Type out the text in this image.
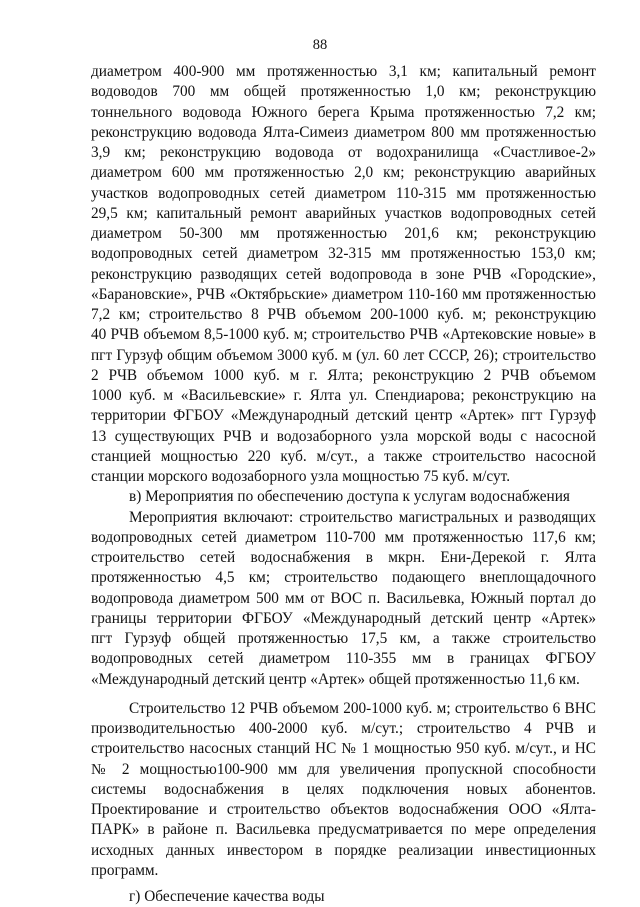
88
диаметром 400-900 мм протяженностью 3,1 км; капитальный ремонт
водоводов 700 мм общей протяженностью 1,0 км; реконструкцию
тоннельного водовода Южного берега Крыма протяженностью 7,2 км;
реконструкцию водовода Ялта-Симеиз диаметром 800 мм протяженностью
3,9 км; реконструкцию водовода от водохранилища «Счастливое-2»
диаметром 600 мм протяженностью 2,0 км; реконструкцию аварийных
участков водопроводных сетей диаметром 110-315 мм протяженностью
29,5 км; капитальный ремонт аварийных участков водопроводных сетей
диаметром 50-300 мм протяженностью 201,6 км; реконструкцию
водопроводных сетей диаметром 32-315 мм протяженностью 153,0 км;
реконструкцию разводящих сетей водопровода в зоне РЧВ «Городские»,
«Барановские», РЧВ «Октябрьские» диаметром 110-160 мм протяженностью
7,2 км; строительство 8 РЧВ объемом 200-1000 куб. м; реконструкцию
40 РЧВ объемом 8,5-1000 куб. м; строительство РЧВ «Артековские новые» в
пгт Гурзуф общим объемом 3000 куб. м (ул. 60 лет СССР, 26); строительство
2 РЧВ объемом 1000 куб. м г. Ялта; реконструкцию 2 РЧВ объемом
1000 куб. м «Васильевские» г. Ялта ул. Спендиарова; реконструкцию на
территории ФГБОУ «Международный детский центр «Артек» пгт Гурзуф
13 существующих РЧВ и водозаборного узла морской воды с насосной
станцией мощностью 220 куб. м/сут., а также строительство насосной
станции морского водозаборного узла мощностью 75 куб. м/сут.
в) Мероприятия по обеспечению доступа к услугам водоснабжения
Мероприятия включают: строительство магистральных и разводящих
водопроводных сетей диаметром 110-700 мм протяженностью 117,6 км;
строительство сетей водоснабжения в мкрн. Ени-Дерекой г. Ялта
протяженностью 4,5 км; строительство подающего внеплощадочного
водопровода диаметром 500 мм от ВОС п. Васильевка, Южный портал до
границы территории ФГБОУ «Международный детский центр «Артек»
пгт Гурзуф общей протяженностью 17,5 км, а также строительство
водопроводных сетей диаметром 110-355 мм в границах ФГБОУ
«Международный детский центр «Артек» общей протяженностью 11,6 км.
Строительство 12 РЧВ объемом 200-1000 куб. м; строительство 6 ВНС
производительностью 400-2000 куб. м/сут.; строительство 4 РЧВ и
строительство насосных станций НС № 1 мощностью 950 куб. м/сут., и НС
№ 2 мощностью100-900 мм для увеличения пропускной способности
системы водоснабжения в целях подключения новых абонентов.
Проектирование и строительство объектов водоснабжения ООО «Ялта-
ПАРК» в районе п. Васильевка предусматривается по мере определения
исходных данных инвестором в порядке реализации инвестиционных
программ.
г) Обеспечение качества воды
